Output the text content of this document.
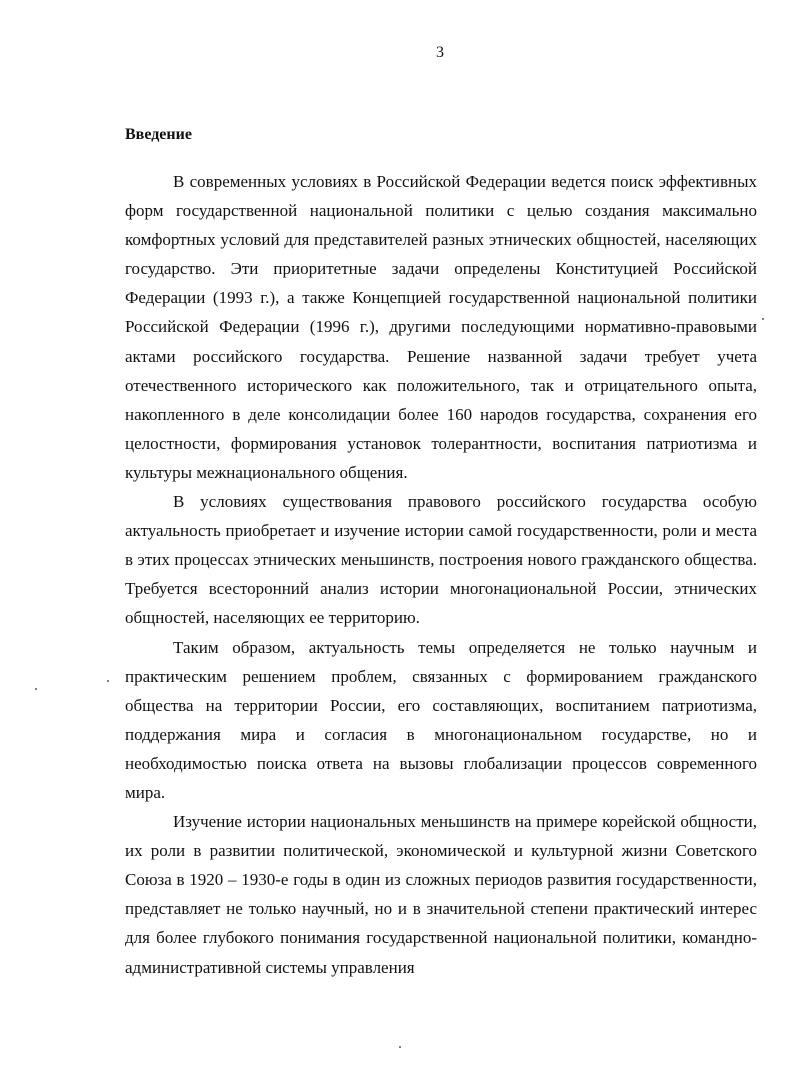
3
Введение

В современных условиях в Российской Федерации ведется поиск эффективных форм государственной национальной политики с целью создания максимально комфортных условий для представителей разных этнических общностей, населяющих государство. Эти приоритетные задачи определены Конституцией Российской Федерации (1993 г.), а также Концепцией государственной национальной политики Российской Федерации (1996 г.), другими последующими нормативно-правовыми актами российского государства. Решение названной задачи требует учета отечественного исторического как положительного, так и отрицательного опыта, накопленного в деле консолидации более 160 народов государства, сохранения его целостности, формирования установок толерантности, воспитания патриотизма и культуры межнационального общения.

В условиях существования правового российского государства особую актуальность приобретает и изучение истории самой государственности, роли и места в этих процессах этнических меньшинств, построения нового гражданского общества. Требуется всесторонний анализ истории многонациональной России, этнических общностей, населяющих ее территорию.

Таким образом, актуальность темы определяется не только научным и практическим решением проблем, связанных с формированием гражданского общества на территории России, его составляющих, воспитанием патриотизма, поддержания мира и согласия в многонациональном государстве, но и необходимостью поиска ответа на вызовы глобализации процессов современного мира.

Изучение истории национальных меньшинств на примере корейской общности, их роли в развитии политической, экономической и культурной жизни Советского Союза в 1920 – 1930-е годы в один из сложных периодов развития государственности, представляет не только научный, но и в значительной степени практический интерес для более глубокого понимания государственной национальной политики, командно-административной системы управления
